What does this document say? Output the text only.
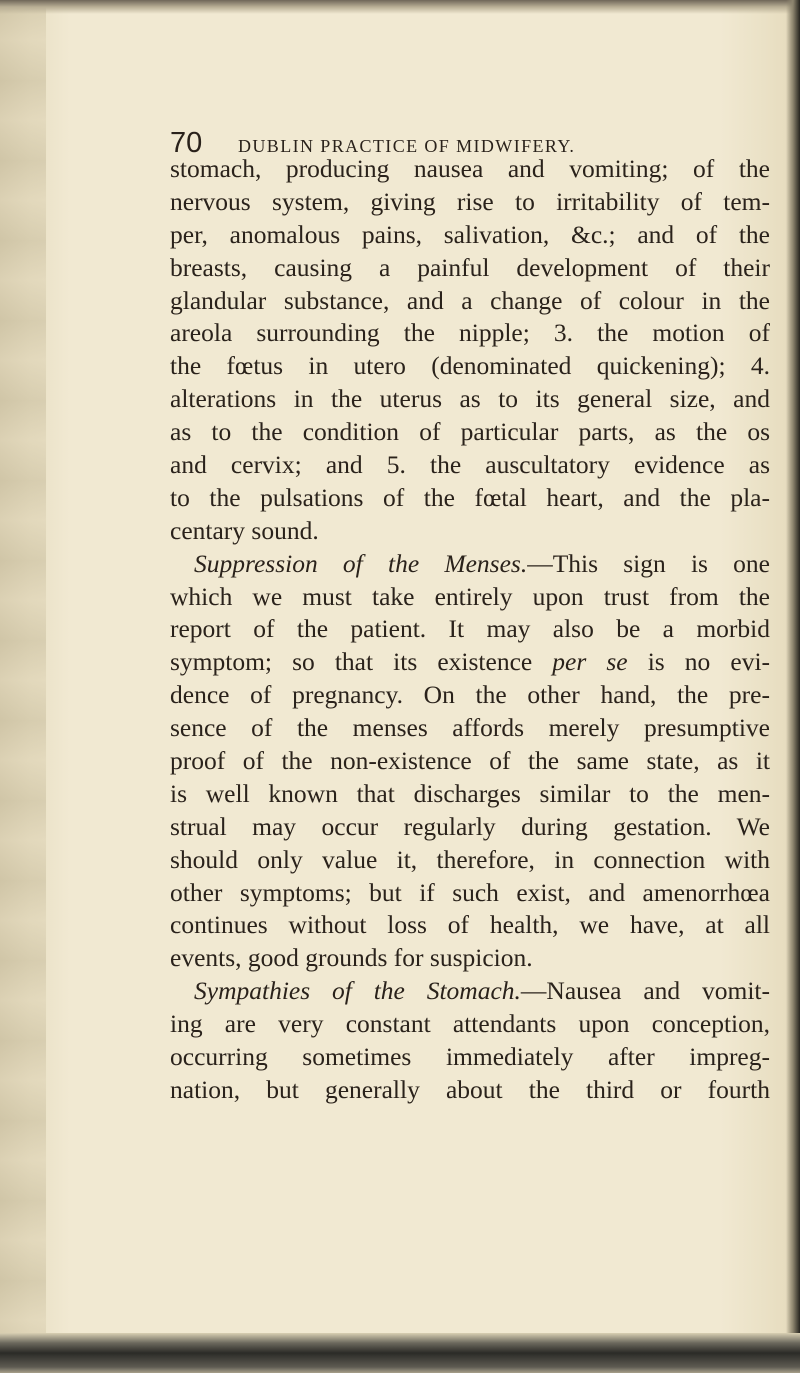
70	DUBLIN PRACTICE OF MIDWIFERY.
stomach, producing nausea and vomiting; of the
nervous system, giving rise to irritability of tem-
per, anomalous pains, salivation, &c.; and of the
breasts, causing a painful development of their
glandular substance, and a change of colour in the
areola surrounding the nipple; 3. the motion of
the fœtus in utero (denominated quickening); 4.
alterations in the uterus as to its general size, and
as to the condition of particular parts, as the os
and cervix; and 5. the auscultatory evidence as
to the pulsations of the fœtal heart, and the pla-
centary sound.
Suppression of the Menses.—This sign is one
which we must take entirely upon trust from the
report of the patient. It may also be a morbid
symptom; so that its existence per se is no evi-
dence of pregnancy. On the other hand, the pre-
sence of the menses affords merely presumptive
proof of the non-existence of the same state, as it
is well known that discharges similar to the men-
strual may occur regularly during gestation. We
should only value it, therefore, in connection with
other symptoms; but if such exist, and amenorrhœa
continues without loss of health, we have, at all
events, good grounds for suspicion.
Sympathies of the Stomach.—Nausea and vomit-
ing are very constant attendants upon conception,
occurring sometimes immediately after impreg-
nation, but generally about the third or fourth
